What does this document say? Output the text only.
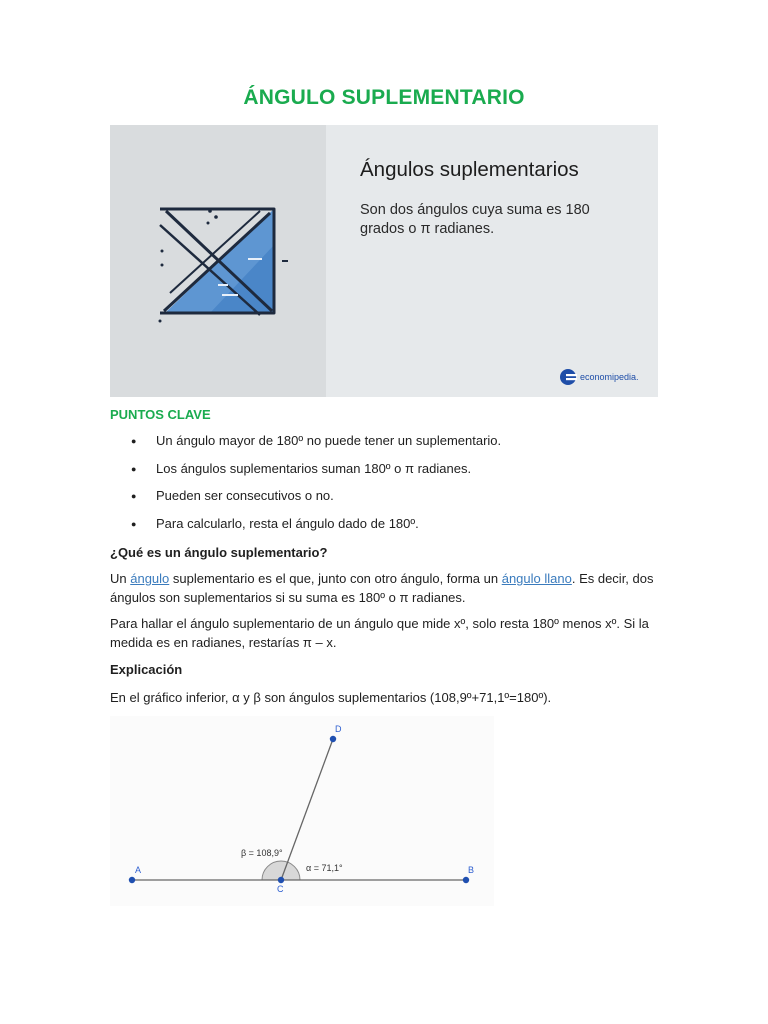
ÁNGULO SUPLEMENTARIO
Ángulos suplementarios
Son dos ángulos cuya suma es 180 grados o π radianes.
economipedia.
PUNTOS CLAVE
● Un ángulo mayor de 180º no puede tener un suplementario.
● Los ángulos suplementarios suman 180º o π radianes.
● Pueden ser consecutivos o no.
● Para calcularlo, resta el ángulo dado de 180º.
¿Qué es un ángulo suplementario?
Un ángulo suplementario es el que, junto con otro ángulo, forma un ángulo llano. Es decir, dos ángulos son suplementarios si su suma es 180º o π radianes.
Para hallar el ángulo suplementario de un ángulo que mide xº, solo resta 180º menos xº. Si la medida es en radianes, restarías π – x.
Explicación
En el gráfico inferior, α y β son ángulos suplementarios (108,9º+71,1º=180º).
A	B
C
D
β = 108,9°
α = 71,1°
